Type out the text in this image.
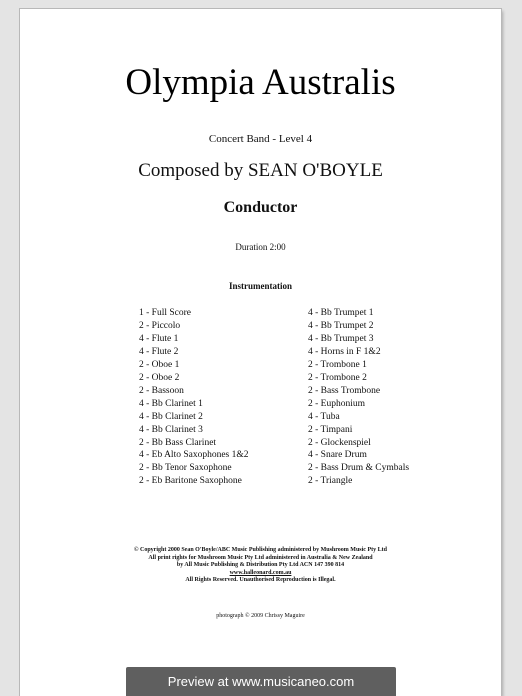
Olympia Australis
Concert Band - Level 4
Composed by SEAN O'BOYLE
Conductor
Duration 2:00
Instrumentation
1 - Full Score
2 - Piccolo
4 - Flute 1
4 - Flute 2
2 - Oboe 1
2 - Oboe 2
2 - Bassoon
4 - Bb Clarinet 1
4 - Bb Clarinet 2
4 - Bb Clarinet 3
2 - Bb Bass Clarinet
4 - Eb Alto Saxophones 1&2
2 - Bb Tenor Saxophone
2 - Eb Baritone Saxophone
4 - Bb Trumpet 1
4 - Bb Trumpet 2
4 - Bb Trumpet 3
4 - Horns in F 1&2
2 - Trombone 1
2 - Trombone 2
2 - Bass Trombone
2 - Euphonium
4 - Tuba
2 - Timpani
2 - Glockenspiel
4 - Snare Drum
2 - Bass Drum & Cymbals
2 - Triangle
© Copyright 2000 Sean O'Boyle/ABC Music Publishing administered by Mushroom Music Pty Ltd
All print rights for Mushroom Music Pty Ltd administered in Australia & New Zealand
by All Music Publishing & Distribution Pty Ltd ACN 147 390 814
www.halleonard.com.au
All Rights Reserved. Unauthorised Reproduction is Illegal.
photograph © 2009 Chrissy Maguire
Preview at www.musicaneo.com
